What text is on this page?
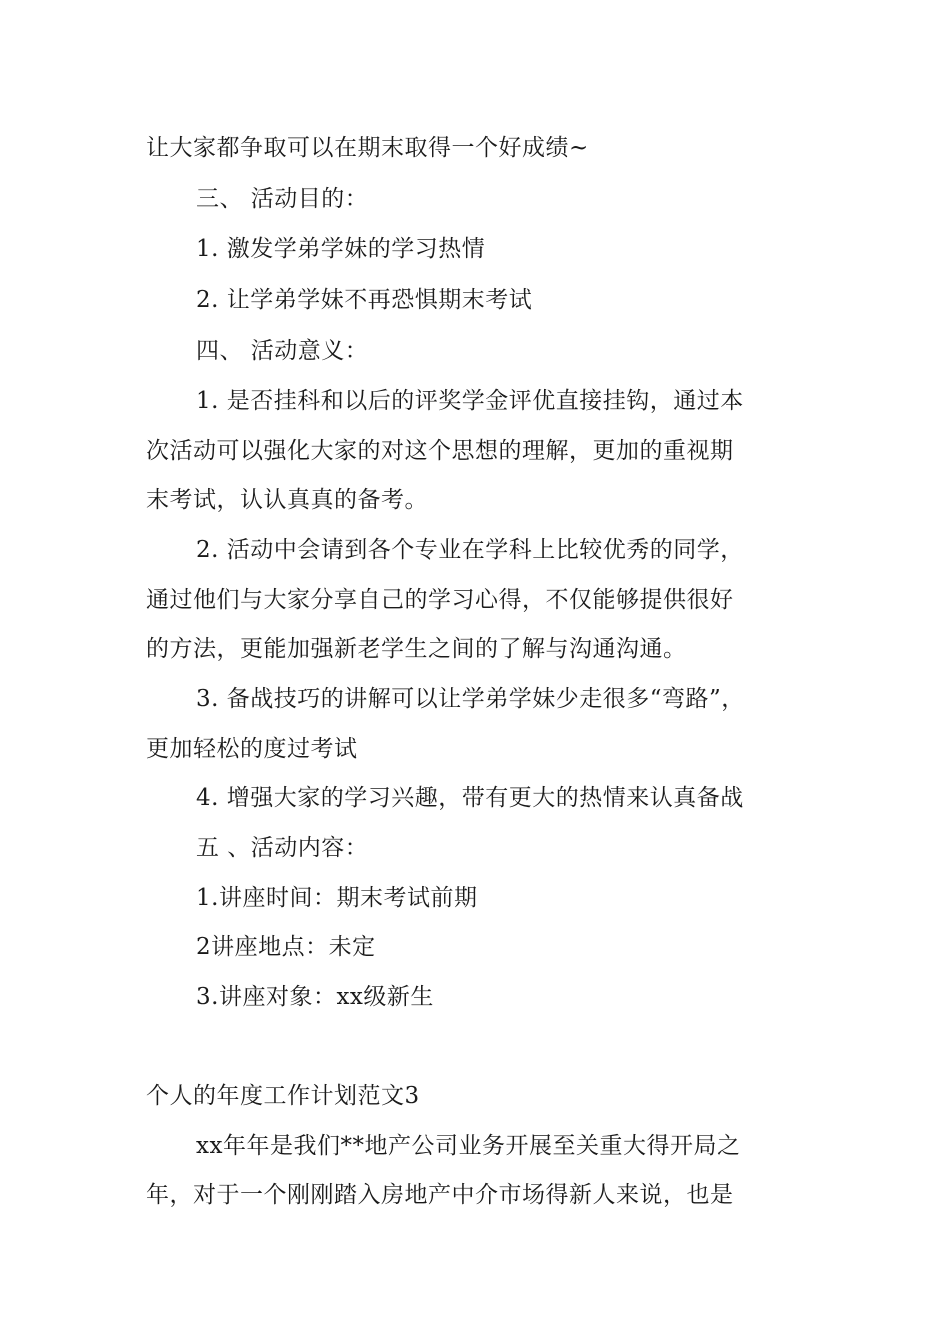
让大家都争取可以在期末取得一个好成绩~
三、 活动目的：
1. 激发学弟学妹的学习热情
2. 让学弟学妹不再恐惧期末考试
四、 活动意义：
1. 是否挂科和以后的评奖学金评优直接挂钩，通过本
次活动可以强化大家的对这个思想的理解，更加的重视期
末考试，认认真真的备考。
2. 活动中会请到各个专业在学科上比较优秀的同学，
通过他们与大家分享自己的学习心得，不仅能够提供很好
的方法，更能加强新老学生之间的了解与沟通沟通。
3. 备战技巧的讲解可以让学弟学妹少走很多“弯路”，
更加轻松的度过考试
4. 增强大家的学习兴趣，带有更大的热情来认真备战
五 、活动内容：
1.讲座时间：期末考试前期
2讲座地点：未定
3.讲座对象：xx级新生
个人的年度工作计划范文3
xx年年是我们**地产公司业务开展至关重大得开局之
年，对于一个刚刚踏入房地产中介市场得新人来说，也是
